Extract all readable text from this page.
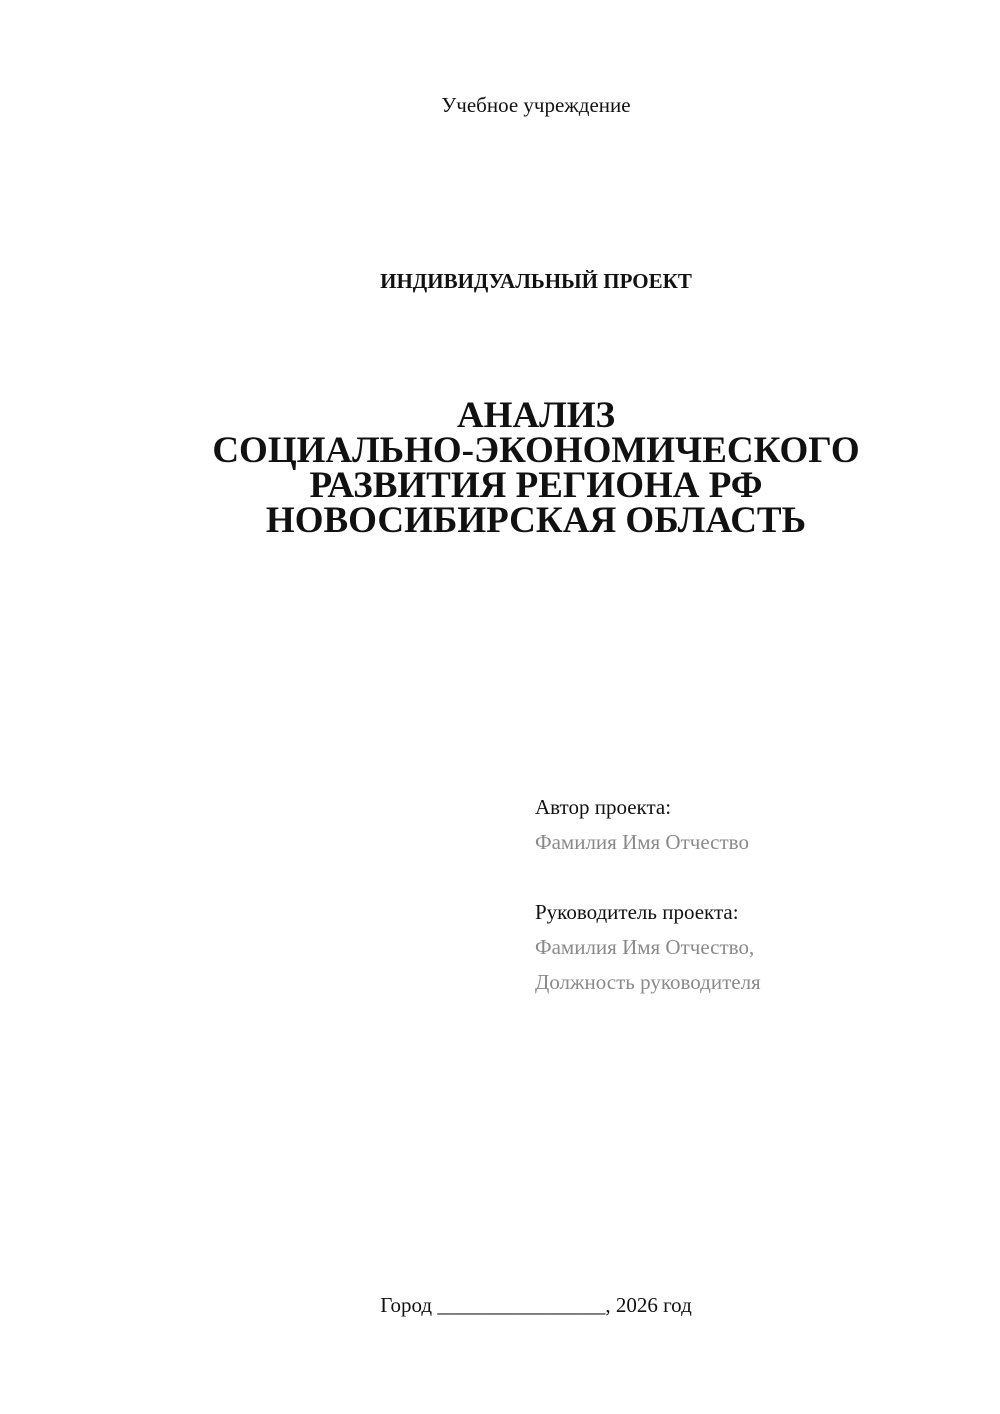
Учебное учреждение
ИНДИВИДУАЛЬНЫЙ ПРОЕКТ
АНАЛИЗ
СОЦИАЛЬНО-ЭКОНОМИЧЕСКОГО
РАЗВИТИЯ РЕГИОНА РФ
НОВОСИБИРСКАЯ ОБЛАСТЬ
Автор проекта:
Фамилия Имя Отчество
Руководитель проекта:
Фамилия Имя Отчество,
Должность руководителя
Город ________________, 2026 год
